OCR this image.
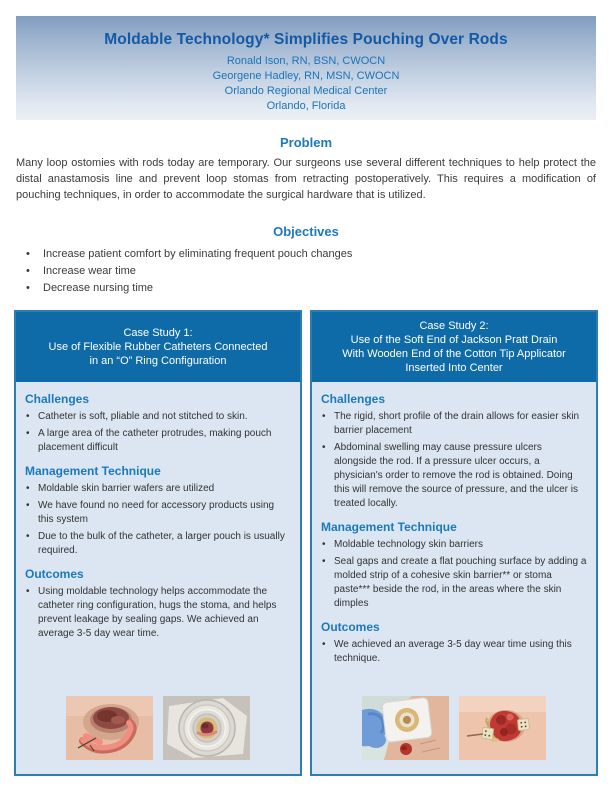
Moldable Technology* Simplifies Pouching Over Rods
Ronald Ison, RN, BSN, CWOCN
Georgene Hadley, RN, MSN, CWOCN
Orlando Regional Medical Center
Orlando, Florida
Problem

Many loop ostomies with rods today are temporary. Our surgeons use several different techniques to help protect the distal anastamosis line and prevent loop stomas from retracting postoperatively. This requires a modification of pouching techniques, in order to accommodate the surgical hardware that is utilized.

Objectives
• Increase patient comfort by eliminating frequent pouch changes
• Increase wear time
• Decrease nursing time
Case Study 1:
Use of Flexible Rubber Catheters Connected
in an “O” Ring Configuration
Challenges
• Catheter is soft, pliable and not stitched to skin.
• A large area of the catheter protrudes, making pouch placement difficult
Management Technique
• Moldable skin barrier wafers are utilized
• We have found no need for accessory products using this system
• Due to the bulk of the catheter, a larger pouch is usually required.
Outcomes
• Using moldable technology helps accommodate the catheter ring configuration, hugs the stoma, and helps prevent leakage by sealing gaps. We achieved an average 3-5 day wear time.
Case Study 2:
Use of the Soft End of Jackson Pratt Drain
With Wooden End of the Cotton Tip Applicator
Inserted Into Center
Challenges
• The rigid, short profile of the drain allows for easier skin barrier placement
• Abdominal swelling may cause pressure ulcers alongside the rod. If a pressure ulcer occurs, a physician's order to remove the rod is obtained. Doing this will remove the source of pressure, and the ulcer is treated locally.
Management Technique
• Moldable technology skin barriers
• Seal gaps and create a flat pouching surface by adding a molded strip of a cohesive skin barrier** or stoma paste*** beside the rod, in the areas where the skin dimples
Outcomes
• We achieved an average 3-5 day wear time using this technique.
